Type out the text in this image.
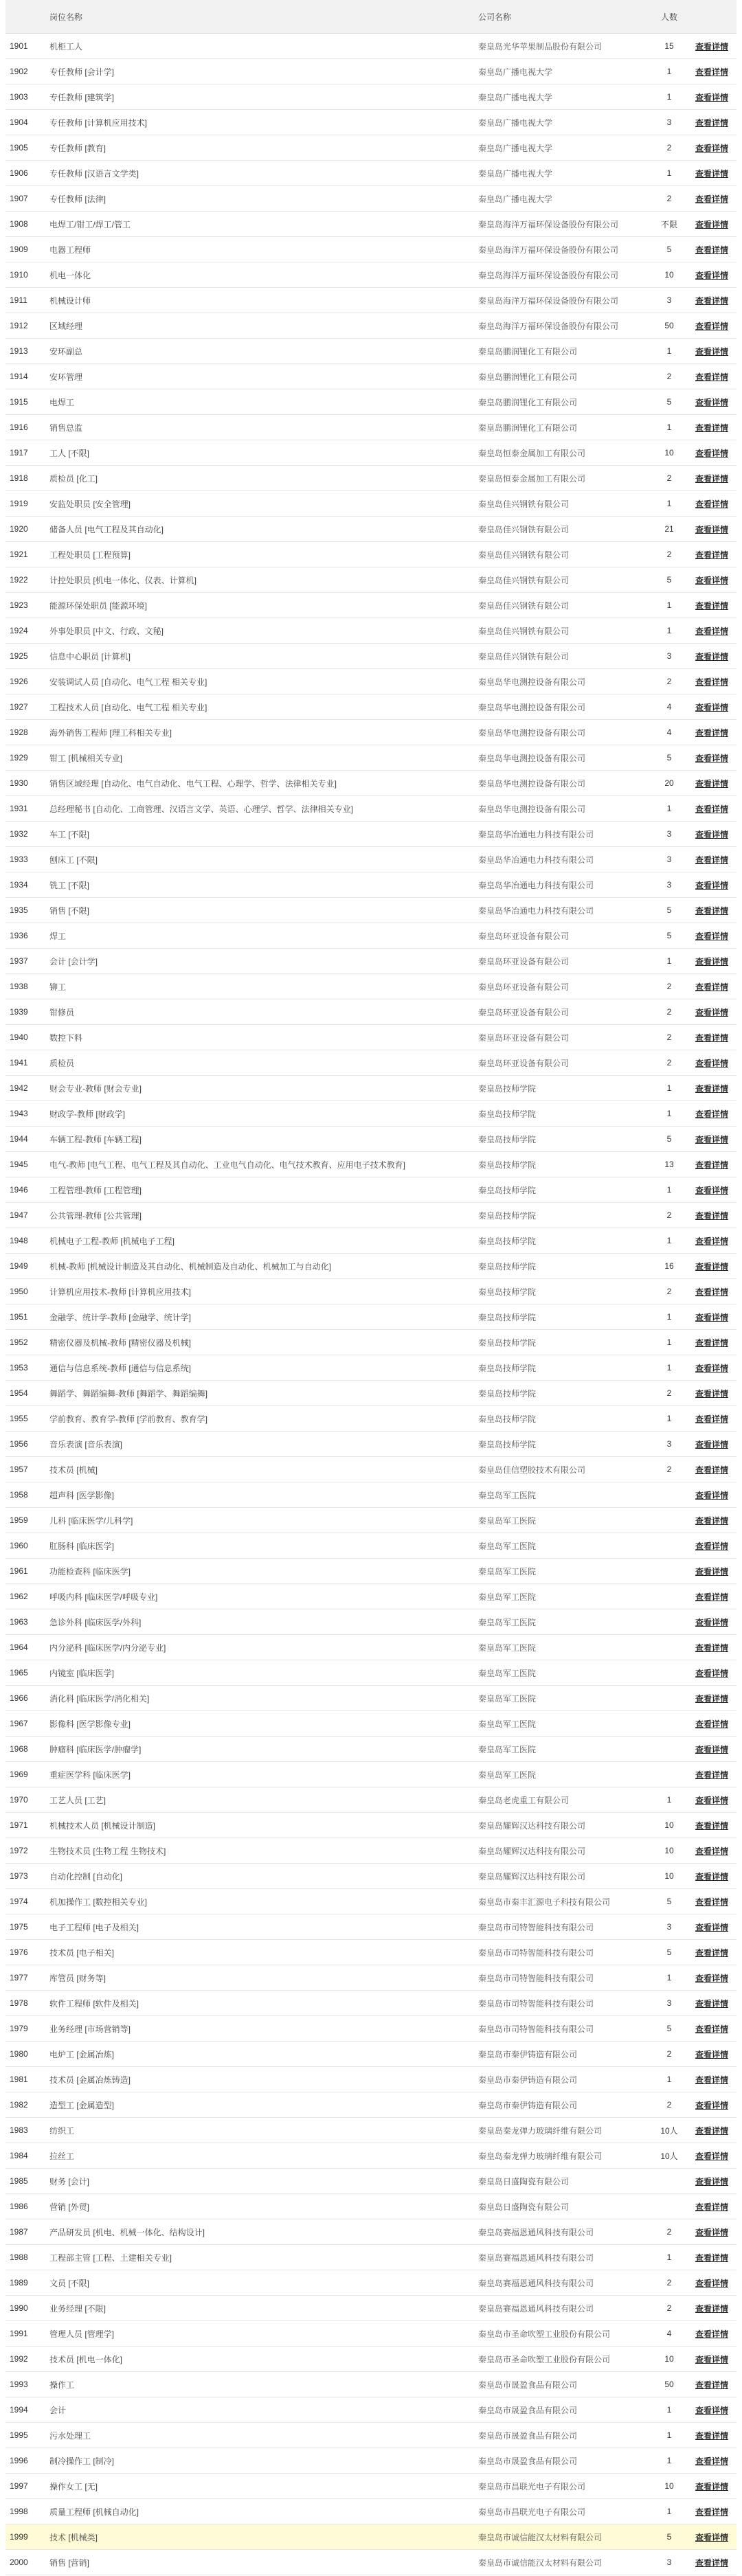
	岗位名称	公司名称	人数	
1901	机柜工人	秦皇岛光华苹果制品股份有限公司	15	查看详情
1902	专任教师 [会计学]	秦皇岛广播电视大学	1	查看详情
1903	专任教师 [建筑学]	秦皇岛广播电视大学	1	查看详情
1904	专任教师 [计算机应用技术]	秦皇岛广播电视大学	3	查看详情
1905	专任教师 [教育]	秦皇岛广播电视大学	2	查看详情
1906	专任教师 [汉语言文学类]	秦皇岛广播电视大学	1	查看详情
1907	专任教师 [法律]	秦皇岛广播电视大学	2	查看详情
1908	电焊工/钳工/焊工/管工	秦皇岛海洋万福环保设备股份有限公司	不限	查看详情
1909	电器工程师	秦皇岛海洋万福环保设备股份有限公司	5	查看详情
1910	机电一体化	秦皇岛海洋万福环保设备股份有限公司	10	查看详情
1911	机械设计师	秦皇岛海洋万福环保设备股份有限公司	3	查看详情
1912	区域经理	秦皇岛海洋万福环保设备股份有限公司	50	查看详情
1913	安环副总	秦皇岛鹏润锂化工有限公司	1	查看详情
1914	安环管理	秦皇岛鹏润锂化工有限公司	2	查看详情
1915	电焊工	秦皇岛鹏润锂化工有限公司	5	查看详情
1916	销售总监	秦皇岛鹏润锂化工有限公司	1	查看详情
1917	工人 [不限]	秦皇岛恒泰金属加工有限公司	10	查看详情
1918	质检员 [化工]	秦皇岛恒泰金属加工有限公司	2	查看详情
1919	安监处职员 [安全管理]	秦皇岛佳兴钢铁有限公司	1	查看详情
1920	储备人员 [电气工程及其自动化]	秦皇岛佳兴钢铁有限公司	21	查看详情
1921	工程处职员 [工程预算]	秦皇岛佳兴钢铁有限公司	2	查看详情
1922	计控处职员 [机电一体化、仪表、计算机]	秦皇岛佳兴钢铁有限公司	5	查看详情
1923	能源环保处职员 [能源环境]	秦皇岛佳兴钢铁有限公司	1	查看详情
1924	外事处职员 [中文、行政、文秘]	秦皇岛佳兴钢铁有限公司	1	查看详情
1925	信息中心职员 [计算机]	秦皇岛佳兴钢铁有限公司	3	查看详情
1926	安装调试人员 [自动化、电气工程 相关专业]	秦皇岛华电测控设备有限公司	2	查看详情
1927	工程技术人员 [自动化、电气工程 相关专业]	秦皇岛华电测控设备有限公司	4	查看详情
1928	海外销售工程师 [理工科相关专业]	秦皇岛华电测控设备有限公司	4	查看详情
1929	钳工 [机械相关专业]	秦皇岛华电测控设备有限公司	5	查看详情
1930	销售区域经理 [自动化、电气自动化、电气工程、心理学、哲学、法律相关专业]	秦皇岛华电测控设备有限公司	20	查看详情
1931	总经理秘书 [自动化、工商管理、汉语言文学、英语、心理学、哲学、法律相关专业]	秦皇岛华电测控设备有限公司	1	查看详情
1932	车工 [不限]	秦皇岛华冶通电力科技有限公司	3	查看详情
1933	刨床工 [不限]	秦皇岛华冶通电力科技有限公司	3	查看详情
1934	铣工 [不限]	秦皇岛华冶通电力科技有限公司	3	查看详情
1935	销售 [不限]	秦皇岛华冶通电力科技有限公司	5	查看详情
1936	焊工	秦皇岛环亚设备有限公司	5	查看详情
1937	会计 [会计学]	秦皇岛环亚设备有限公司	1	查看详情
1938	铆工	秦皇岛环亚设备有限公司	2	查看详情
1939	钳修员	秦皇岛环亚设备有限公司	2	查看详情
1940	数控下料	秦皇岛环亚设备有限公司	2	查看详情
1941	质检员	秦皇岛环亚设备有限公司	2	查看详情
1942	财会专业-教师 [财会专业]	秦皇岛技师学院	1	查看详情
1943	财政学-教师 [财政学]	秦皇岛技师学院	1	查看详情
1944	车辆工程-教师 [车辆工程]	秦皇岛技师学院	5	查看详情
1945	电气-教师 [电气工程、电气工程及其自动化、工业电气自动化、电气技术教育、应用电子技术教育]	秦皇岛技师学院	13	查看详情
1946	工程管理-教师 [工程管理]	秦皇岛技师学院	1	查看详情
1947	公共管理-教师 [公共管理]	秦皇岛技师学院	2	查看详情
1948	机械电子工程-教师 [机械电子工程]	秦皇岛技师学院	1	查看详情
1949	机械-教师 [机械设计制造及其自动化、机械制造及自动化、机械加工与自动化]	秦皇岛技师学院	16	查看详情
1950	计算机应用技术-教师 [计算机应用技术]	秦皇岛技师学院	2	查看详情
1951	金融学、统计学-教师 [金融学、统计学]	秦皇岛技师学院	1	查看详情
1952	精密仪器及机械-教师 [精密仪器及机械]	秦皇岛技师学院	1	查看详情
1953	通信与信息系统-教师 [通信与信息系统]	秦皇岛技师学院	1	查看详情
1954	舞蹈学、舞蹈编舞-教师 [舞蹈学、舞蹈编舞]	秦皇岛技师学院	2	查看详情
1955	学前教育、教育学-教师 [学前教育、教育学]	秦皇岛技师学院	1	查看详情
1956	音乐表演 [音乐表演]	秦皇岛技师学院	3	查看详情
1957	技术员 [机械]	秦皇岛佳信塑胶技术有限公司	2	查看详情
1958	超声科 [医学影像]	秦皇岛军工医院		查看详情
1959	儿科 [临床医学/儿科学]	秦皇岛军工医院		查看详情
1960	肛肠科 [临床医学]	秦皇岛军工医院		查看详情
1961	功能检查科 [临床医学]	秦皇岛军工医院		查看详情
1962	呼吸内科 [临床医学/呼吸专业]	秦皇岛军工医院		查看详情
1963	急诊外科 [临床医学/外科]	秦皇岛军工医院		查看详情
1964	内分泌科 [临床医学/内分泌专业]	秦皇岛军工医院		查看详情
1965	内镜室 [临床医学]	秦皇岛军工医院		查看详情
1966	消化科 [临床医学/消化相关]	秦皇岛军工医院		查看详情
1967	影像科 [医学影像专业]	秦皇岛军工医院		查看详情
1968	肿瘤科 [临床医学/肿瘤学]	秦皇岛军工医院		查看详情
1969	重症医学科 [临床医学]	秦皇岛军工医院		查看详情
1970	工艺人员 [工艺]	秦皇岛老虎重工有限公司	1	查看详情
1971	机械技术人员 [机械设计制造]	秦皇岛耀辉汉达科技有限公司	10	查看详情
1972	生物技术员 [生物工程 生物技术]	秦皇岛耀辉汉达科技有限公司	10	查看详情
1973	自动化控制 [自动化]	秦皇岛耀辉汉达科技有限公司	10	查看详情
1974	机加操作工 [数控相关专业]	秦皇岛市秦丰汇源电子科技有限公司	5	查看详情
1975	电子工程师 [电子及相关]	秦皇岛市司特智能科技有限公司	3	查看详情
1976	技术员 [电子相关]	秦皇岛市司特智能科技有限公司	5	查看详情
1977	库管员 [财务等]	秦皇岛市司特智能科技有限公司	1	查看详情
1978	软件工程师 [软件及相关]	秦皇岛市司特智能科技有限公司	3	查看详情
1979	业务经理 [市场营销等]	秦皇岛市司特智能科技有限公司	5	查看详情
1980	电炉工 [金属冶炼]	秦皇岛市秦伊铸造有限公司	2	查看详情
1981	技术员 [金属冶炼铸造]	秦皇岛市秦伊铸造有限公司	1	查看详情
1982	造型工 [金属造型]	秦皇岛市秦伊铸造有限公司	2	查看详情
1983	纺织工	秦皇岛秦龙弹力玻璃纤维有限公司	10人	查看详情
1984	拉丝工	秦皇岛秦龙弹力玻璃纤维有限公司	10人	查看详情
1985	财务 [会计]	秦皇岛日盛陶瓷有限公司		查看详情
1986	营销 [外贸]	秦皇岛日盛陶瓷有限公司		查看详情
1987	产品研发员 [机电、机械一体化、结构设计]	秦皇岛赛福恩通风科技有限公司	2	查看详情
1988	工程部主管 [工程、土建相关专业]	秦皇岛赛福恩通风科技有限公司	1	查看详情
1989	文员 [不限]	秦皇岛赛福恩通风科技有限公司	2	查看详情
1990	业务经理 [不限]	秦皇岛赛福恩通风科技有限公司	2	查看详情
1991	管理人员 [管理学]	秦皇岛市圣命吹塑工业股份有限公司	4	查看详情
1992	技术员 [机电一体化]	秦皇岛市圣命吹塑工业股份有限公司	10	查看详情
1993	操作工	秦皇岛市晟盈食品有限公司	50	查看详情
1994	会计	秦皇岛市晟盈食品有限公司	1	查看详情
1995	污水处理工	秦皇岛市晟盈食品有限公司	1	查看详情
1996	制冷操作工 [制冷]	秦皇岛市晟盈食品有限公司	1	查看详情
1997	操作女工 [无]	秦皇岛市昌联光电子有限公司	10	查看详情
1998	质量工程师 [机械自动化]	秦皇岛市昌联光电子有限公司	1	查看详情
1999	技术 [机械类]	秦皇岛市诚信能汉太材料有限公司	5	查看详情
2000	销售 [营销]	秦皇岛市诚信能汉太材料有限公司	3	查看详情
